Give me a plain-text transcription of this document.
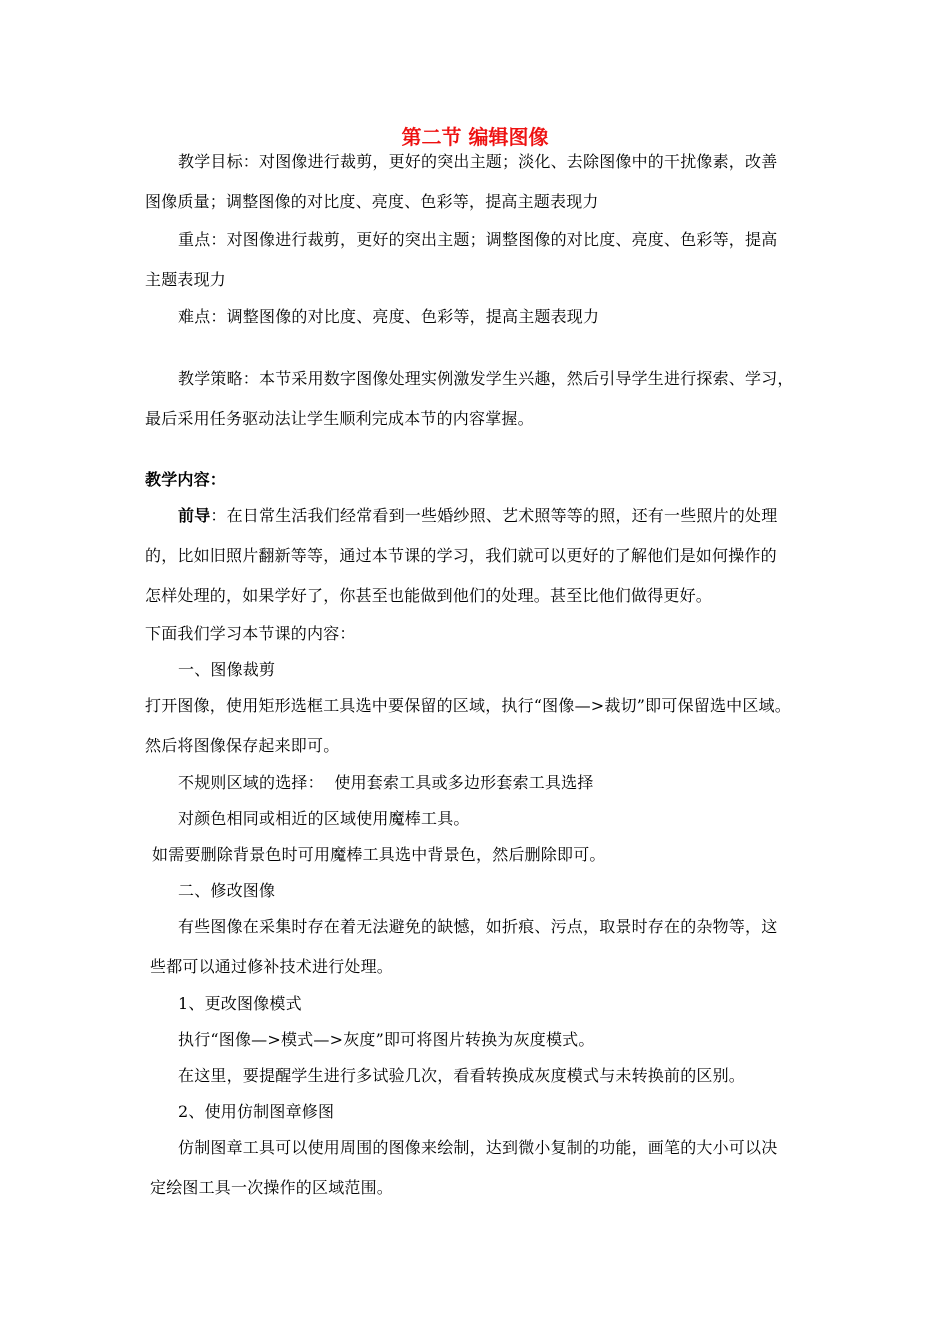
第二节 编辑图像
教学目标：对图像进行裁剪，更好的突出主题；淡化、去除图像中的干扰像素，改善
图像质量；调整图像的对比度、亮度、色彩等，提高主题表现力
重点：对图像进行裁剪，更好的突出主题；调整图像的对比度、亮度、色彩等，提高
主题表现力
难点：调整图像的对比度、亮度、色彩等，提高主题表现力
教学策略：本节采用数字图像处理实例激发学生兴趣，然后引导学生进行探索、学习，
最后采用任务驱动法让学生顺利完成本节的内容掌握。
教学内容：
前导：在日常生活我们经常看到一些婚纱照、艺术照等等的照，还有一些照片的处理
的，比如旧照片翻新等等，通过本节课的学习，我们就可以更好的了解他们是如何操作的
怎样处理的，如果学好了，你甚至也能做到他们的处理。甚至比他们做得更好。
下面我们学习本节课的内容：
一、图像裁剪
打开图像，使用矩形选框工具选中要保留的区域，执行“图像—>裁切”即可保留选中区域。
然后将图像保存起来即可。
不规则区域的选择：  使用套索工具或多边形套索工具选择
对颜色相同或相近的区域使用魔棒工具。
如需要删除背景色时可用魔棒工具选中背景色，然后删除即可。
二、修改图像
有些图像在采集时存在着无法避免的缺憾，如折痕、污点，取景时存在的杂物等，这
些都可以通过修补技术进行处理。
1、更改图像模式
执行“图像—>模式—>灰度”即可将图片转换为灰度模式。
在这里，要提醒学生进行多试验几次，看看转换成灰度模式与未转换前的区别。
2、使用仿制图章修图
仿制图章工具可以使用周围的图像来绘制，达到微小复制的功能，画笔的大小可以决
定绘图工具一次操作的区域范围。
